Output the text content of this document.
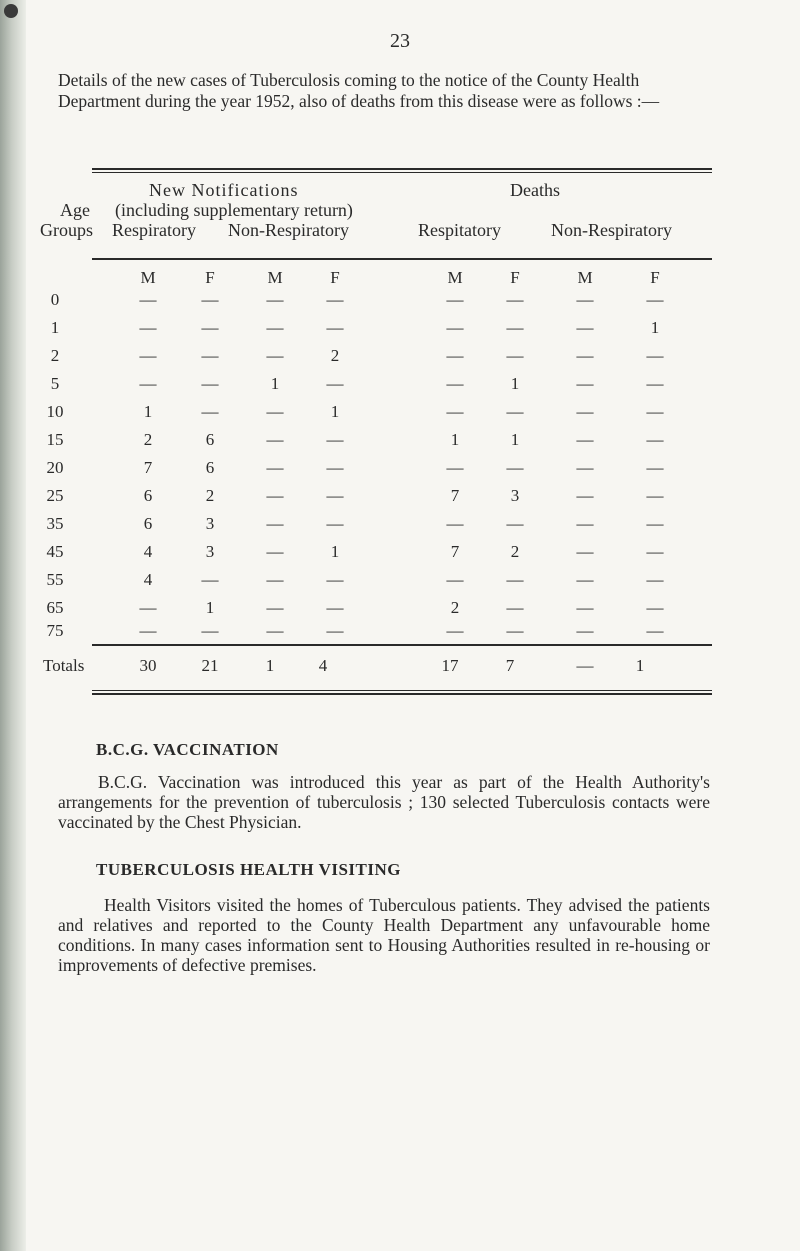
23
Details of the new cases of Tuberculosis coming to the notice of the County Health Department during the year 1952, also of deaths from this disease were as follows :—
Age
Groups
New Notifications
(including supplementary return)
Respiratory Non-Respiratory
Deaths
Respitatory	Non-Respiratory
M	F	M	F	M	F	M	F
0	—	—	—	—	—	—	—	—
1	—	—	—	—	—	—	—	1
2	—	—	—	2	—	—	—	—
5	—	—	1	—	—	1	—	—
10	1	—	—	1	—	—	—	—
15	2	6	—	—	1	1	—	—
20	7	6	—	—	—	—	—	—
25	6	2	—	—	7	3	—	—
35	6	3	—	—	—	—	—	—
45	4	3	—	1	7	2	—	—
55	4	—	—	—	—	—	—	—
65	—	1	—	—	2	—	—	—
75	—	—	—	—	—	—	—	—
Totals	30	21	1	4	17	7	—	1
B.C.G. VACCINATION
B.C.G. Vaccination was introduced this year as part of the Health Authority's arrangements for the prevention of tuberculosis ; 130 selected Tuberculosis contacts were vaccinated by the Chest Physician.
TUBERCULOSIS HEALTH VISITING
Health Visitors visited the homes of Tuberculous patients. They advised the patients and relatives and reported to the County Health Department any unfavourable home conditions. In many cases information sent to Housing Authorities resulted in re-housing or improvements of defective premises.
